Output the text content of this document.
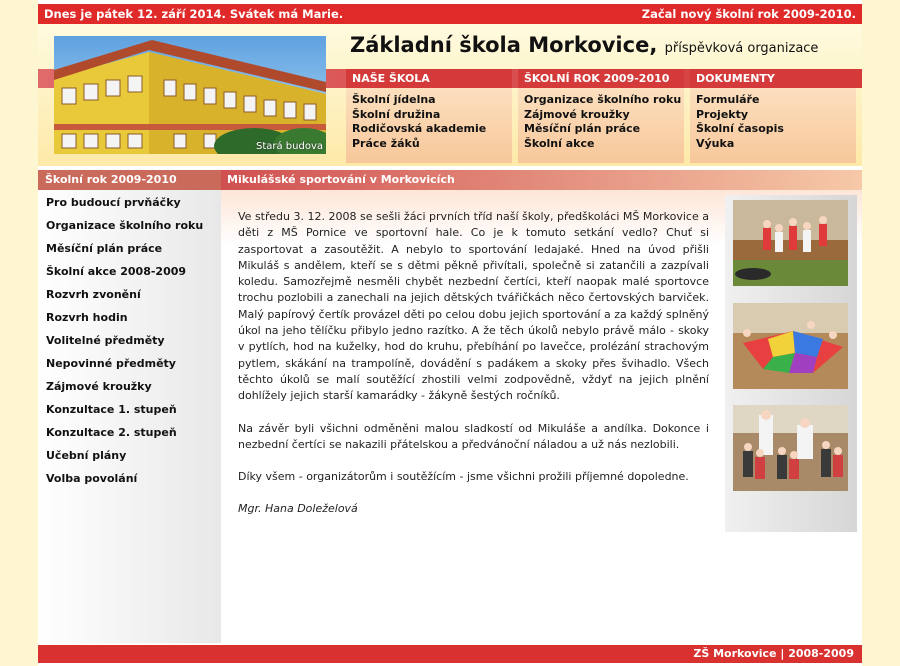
Dnes je pátek 12. září 2014. Svátek má Marie.	Začal nový školní rok 2009-2010.
Stará budova
Základní škola Morkovice, příspěvková organizace
NAŠE ŠKOLA
Školní jídelna
Školní družina
Rodičovská akademie
Práce žáků
ŠKOLNÍ ROK 2009-2010
Organizace školního roku
Zájmové kroužky
Měsíční plán práce
Školní akce
DOKUMENTY
Formuláře
Projekty
Školní časopis
Výuka
Školní rok 2009-2010	Mikulášské sportování v Morkovicích
Pro budoucí prvňáčky
Organizace školního roku
Měsíční plán práce
Školní akce 2008-2009
Rozvrh zvonění
Rozvrh hodin
Volitelné předměty
Nepovinné předměty
Zájmové kroužky
Konzultace 1. stupeň
Konzultace 2. stupeň
Učební plány
Volba povolání

Ve středu 3. 12. 2008 se sešli žáci prvních tříd naší školy, předškoláci MŠ Morkovice a děti z MŠ Pornice ve sportovní hale. Co je k tomuto setkání vedlo? Chuť si zasportovat a zasoutěžit. A nebylo to sportování ledajaké. Hned na úvod přišli Mikuláš s andělem, kteří se s dětmi pěkně přivítali, společně si zatančili a zazpívali koledu. Samozřejmě nesměli chybět nezbední čertíci, kteří naopak malé sportovce trochu pozlobili a zanechali na jejich dětských tvářičkách něco čertovských barviček. Malý papírový čertík provázel děti po celou dobu jejich sportování a za každý splněný úkol na jeho tělíčku přibylo jedno razítko. A že těch úkolů nebylo právě málo - skoky v pytlích, hod na kuželky, hod do kruhu, přebíhání po lavečce, prolézání strachovým pytlem, skákání na trampolíně, dovádění s padákem a skoky přes švihadlo. Všech těchto úkolů se malí soutěžící zhostili velmi zodpovědně, vždyť na jejich plnění dohlížely jejich starší kamarádky - žákyně šestých ročníků.

Na závěr byli všichni odměněni malou sladkostí od Mikuláše a andílka. Dokonce i nezbední čertíci se nakazili přátelskou a předvánoční náladou a už nás nezlobili.

Díky všem - organizátorům i soutěžícím - jsme všichni prožili příjemné dopoledne.

Mgr. Hana Doleželová

ZŠ Morkovice | 2008-2009
